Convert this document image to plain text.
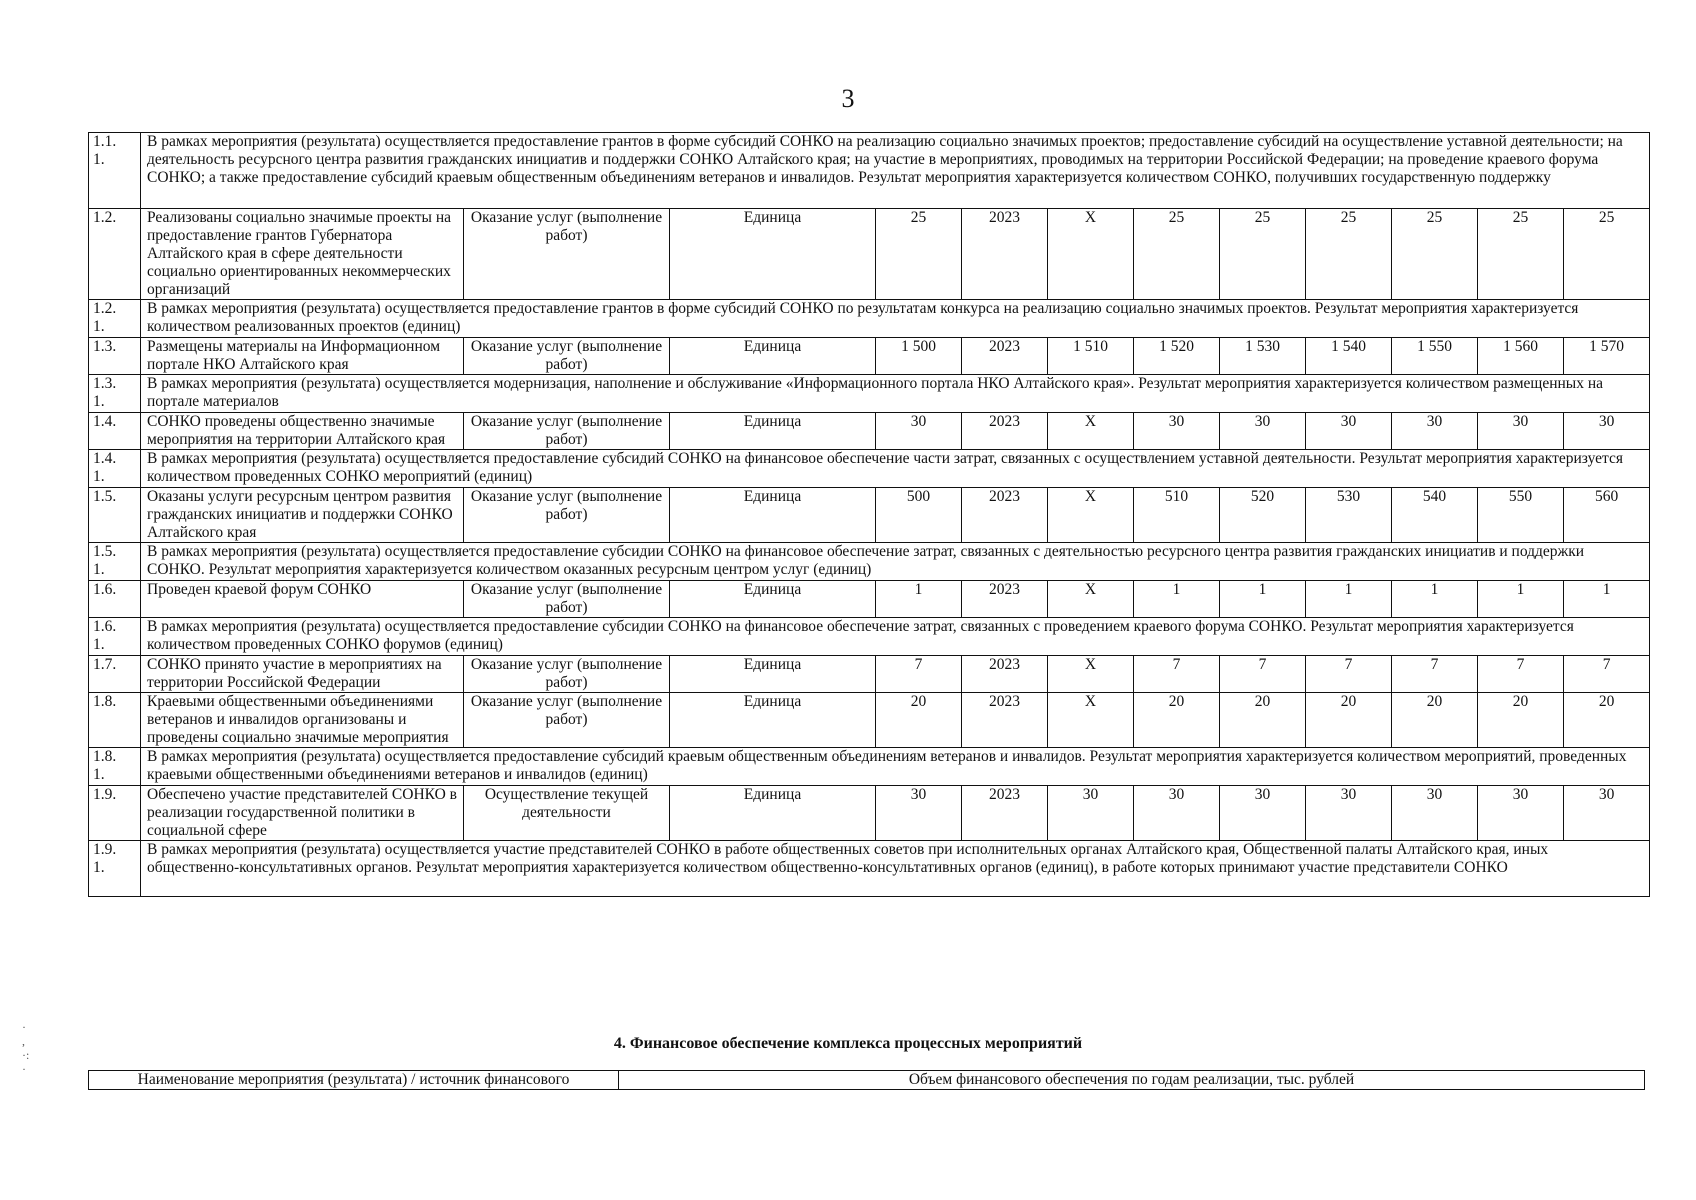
3
1.1.
1.	В рамках мероприятия (результата) осуществляется предоставление грантов в форме субсидий СОНКО на реализацию социально значимых проектов; предоставление субсидий на осуществление уставной деятельности; на деятельность ресурсного центра развития гражданских инициатив и поддержки СОНКО Алтайского края; на участие в мероприятиях, проводимых на территории Российской Федерации; на проведение краевого форума СОНКО; а также предоставление субсидий краевым общественным объединениям ветеранов и инвалидов. Результат мероприятия характеризуется количеством СОНКО, получивших государственную поддержку											
1.2.	Реализованы социально значимые проекты на предоставление грантов Губернатора Алтайского края в сфере деятельности социально ориентированных некоммерческих организаций	Оказание услуг (выполнение работ)	Единица	25	2023	X	25	25	25	25	25	25
1.2.
1.	В рамках мероприятия (результата) осуществляется предоставление грантов в форме субсидий СОНКО по результатам конкурса на реализацию социально значимых проектов. Результат мероприятия характеризуется количеством реализованных проектов (единиц)											
1.3.	Размещены материалы на Информационном портале НКО Алтайского края	Оказание услуг (выполнение работ)	Единица	1 500	2023	1 510	1 520	1 530	1 540	1 550	1 560	1 570
1.3.
1.	В рамках мероприятия (результата) осуществляется модернизация, наполнение и обслуживание «Информационного портала НКО Алтайского края». Результат мероприятия характеризуется количеством размещенных на портале материалов											
1.4.	СОНКО проведены общественно значимые мероприятия на территории Алтайского края	Оказание услуг (выполнение работ)	Единица	30	2023	X	30	30	30	30	30	30
1.4.
1.	В рамках мероприятия (результата) осуществляется предоставление субсидий СОНКО на финансовое обеспечение части затрат, связанных с осуществлением уставной деятельности. Результат мероприятия характеризуется количеством проведенных СОНКО мероприятий (единиц)											
1.5.	Оказаны услуги ресурсным центром развития гражданских инициатив и поддержки СОНКО Алтайского края	Оказание услуг (выполнение работ)	Единица	500	2023	X	510	520	530	540	550	560
1.5.
1.	В рамках мероприятия (результата) осуществляется предоставление субсидии СОНКО на финансовое обеспечение затрат, связанных с деятельностью ресурсного центра развития гражданских инициатив и поддержки СОНКО. Результат мероприятия характеризуется количеством оказанных ресурсным центром услуг (единиц)											
1.6.	Проведен краевой форум СОНКО	Оказание услуг (выполнение работ)	Единица	1	2023	X	1	1	1	1	1	1
1.6.
1.	В рамках мероприятия (результата) осуществляется предоставление субсидии СОНКО на финансовое обеспечение затрат, связанных с проведением краевого форума СОНКО. Результат мероприятия характеризуется количеством проведенных СОНКО форумов (единиц)											
1.7.	СОНКО принято участие в мероприятиях на территории Российской Федерации	Оказание услуг (выполнение работ)	Единица	7	2023	X	7	7	7	7	7	7
1.8.	Краевыми общественными объединениями ветеранов и инвалидов организованы и проведены социально значимые мероприятия	Оказание услуг (выполнение работ)	Единица	20	2023	X	20	20	20	20	20	20
1.8.
1.	В рамках мероприятия (результата) осуществляется предоставление субсидий краевым общественным объединениям ветеранов и инвалидов. Результат мероприятия характеризуется количеством мероприятий, проведенных краевыми общественными объединениями ветеранов и инвалидов (единиц)											
1.9.	Обеспечено участие представителей СОНКО в реализации государственной политики в социальной сфере	Осуществление текущей деятельности	Единица	30	2023	30	30	30	30	30	30	30
1.9.
1.	В рамках мероприятия (результата) осуществляется участие представителей СОНКО в работе общественных советов при исполнительных органах Алтайского края, Общественной палаты Алтайского края, иных общественно-консультативных органов. Результат мероприятия характеризуется количеством общественно-консультативных органов (единиц), в работе которых принимают участие представители СОНКО											
·
,
·:
·
4. Финансовое обеспечение комплекса процессных мероприятий
Наименование мероприятия (результата) / источник финансового	Объем финансового обеспечения по годам реализации, тыс. рублей
